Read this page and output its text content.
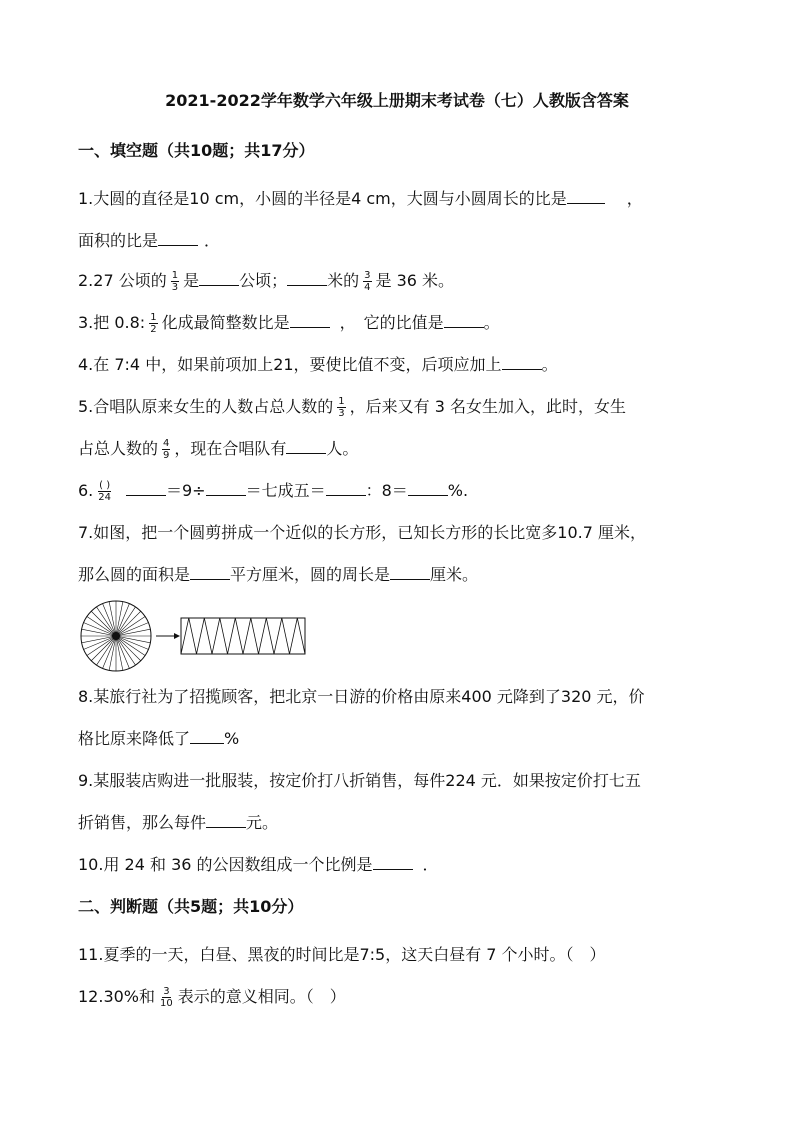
2021-2022学年数学六年级上册期末考试卷（七）人教版含答案
一、填空题（共10题；共17分）
1.大圆的直径是10 cm，小圆的半径是4 cm，大圆与小圆周长的比是	，
面积的比是	．
2.27 公顷的 $\frac{1}{3}$ 是	公顷；	米的 $\frac{3}{4}$ 是 36 米。
3.把 0.8: $\frac{1}{2}$ 化成最简整数比是	，　它的比值是	。
4.在 7:4 中，如果前项加上21，要使比值不变，后项应加上	。
5.合唱队原来女生的人数占总人数的 $\frac{1}{3}$ ，后来又有 3 名女生加入，此时，女生
占总人数的 $\frac{4}{9}$ ，现在合唱队有	人。
6. $\frac{( )}{24}$	＝9÷	＝七成五＝	：8＝	%.
7.如图，把一个圆剪拼成一个近似的长方形，已知长方形的长比宽多10.7 厘米，
那么圆的面积是	平方厘米，圆的周长是	厘米。
8.某旅行社为了招揽顾客，把北京一日游的价格由原来400 元降到了320 元，价
格比原来降低了 %
9.某服装店购进一批服装，按定价打八折销售，每件224 元．如果按定价打七五
折销售，那么每件	元。
10.用 24 和 36 的公因数组成一个比例是	．
二、判断题（共5题；共10分）
11.夏季的一天，白昼、黑夜的时间比是7:5，这天白昼有 7 个小时。（　）
12.30%和 $\frac{3}{10}$ 表示的意义相同。（　）
